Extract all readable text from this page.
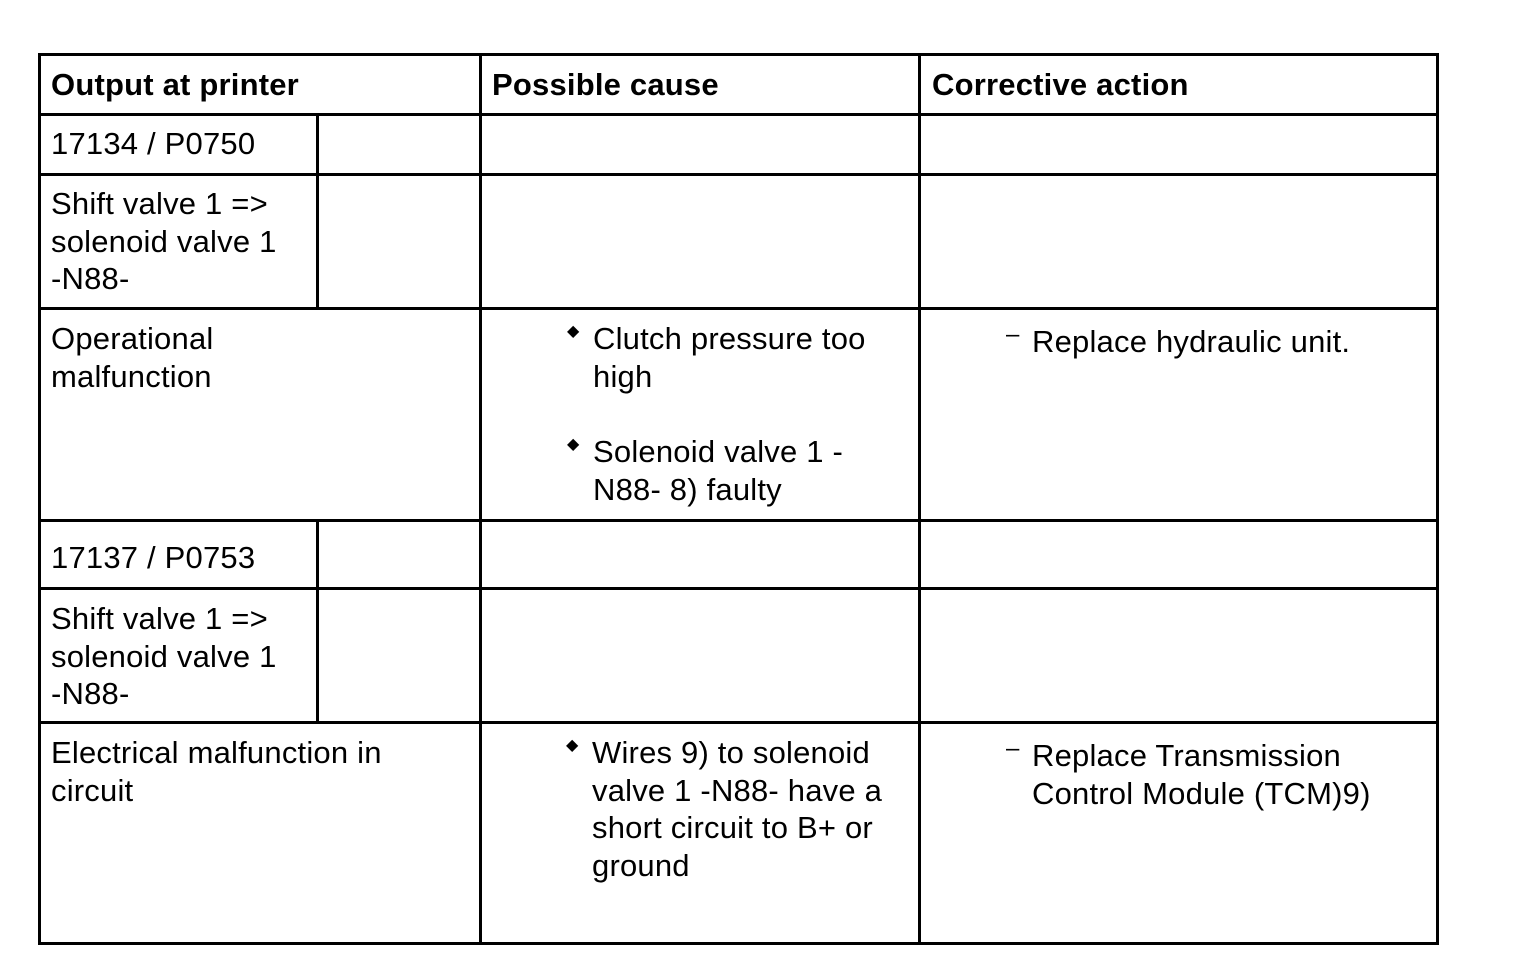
Output at printer	Possible cause	Corrective action
17134 / P0750
Shift valve 1 =>
solenoid valve 1
-N88-
Operational
malfunction
◆ Clutch pressure too
high
◆ Solenoid valve 1 -
N88- 8) faulty
– Replace hydraulic unit.
17137 / P0753
Shift valve 1 =>
solenoid valve 1
-N88-
Electrical malfunction in
circuit
◆ Wires 9) to solenoid
valve 1 -N88- have a
short circuit to B+ or
ground
– Replace Transmission
Control Module (TCM)9)
